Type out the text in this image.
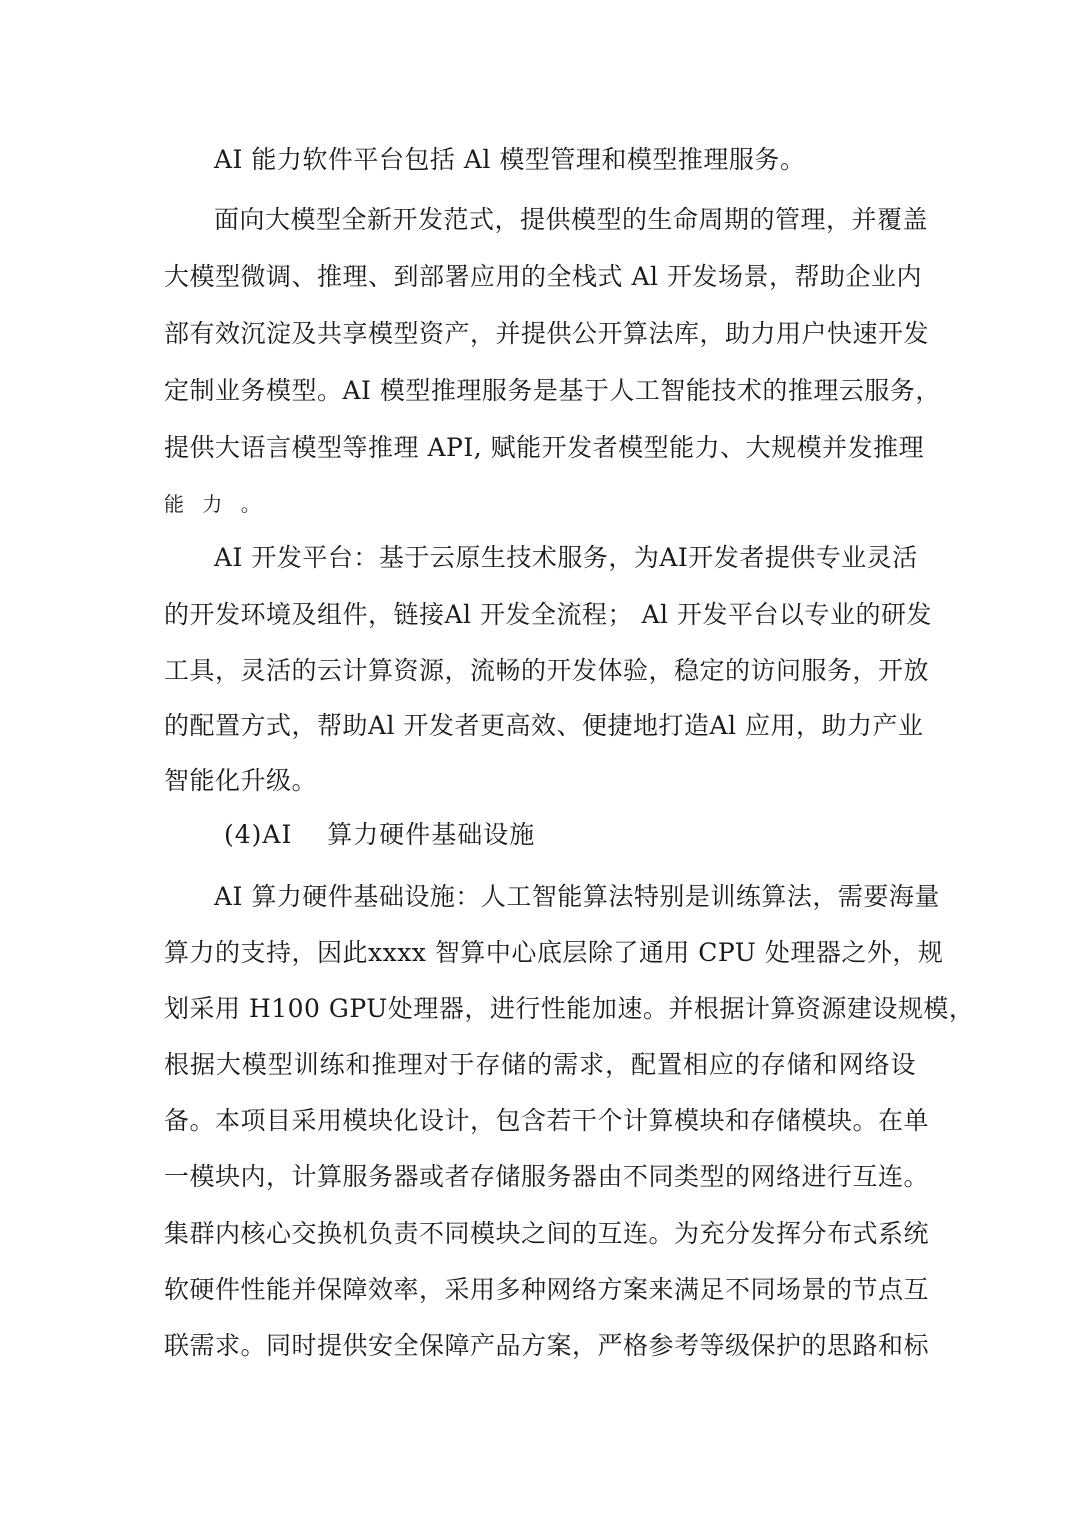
AI 能力软件平台包括 Al 模型管理和模型推理服务。
面向大模型全新开发范式，提供模型的生命周期的管理，并覆盖
大模型微调、推理、到部署应用的全栈式 Al 开发场景，帮助企业内
部有效沉淀及共享模型资产，并提供公开算法库，助力用户快速开发
定制业务模型。AI 模型推理服务是基于人工智能技术的推理云服务，
提供大语言模型等推理 API, 赋能开发者模型能力、大规模并发推理
能 力 。
AI 开发平台：基于云原生技术服务，为AI开发者提供专业灵活
的开发环境及组件，链接Al 开发全流程； Al 开发平台以专业的研发
工具，灵活的云计算资源，流畅的开发体验，稳定的访问服务，开放
的配置方式，帮助Al 开发者更高效、便捷地打造Al 应用，助力产业
智能化升级。
(4)AI　 算力硬件基础设施
AI 算力硬件基础设施：人工智能算法特别是训练算法，需要海量
算力的支持，因此xxxx 智算中心底层除了通用 CPU 处理器之外，规
划采用 H100 GPU处理器，进行性能加速。并根据计算资源建设规模，
根据大模型训练和推理对于存储的需求，配置相应的存储和网络设
备。本项目采用模块化设计，包含若干个计算模块和存储模块。在单
一模块内，计算服务器或者存储服务器由不同类型的网络进行互连。
集群内核心交换机负责不同模块之间的互连。为充分发挥分布式系统
软硬件性能并保障效率，采用多种网络方案来满足不同场景的节点互
联需求。同时提供安全保障产品方案，严格参考等级保护的思路和标
